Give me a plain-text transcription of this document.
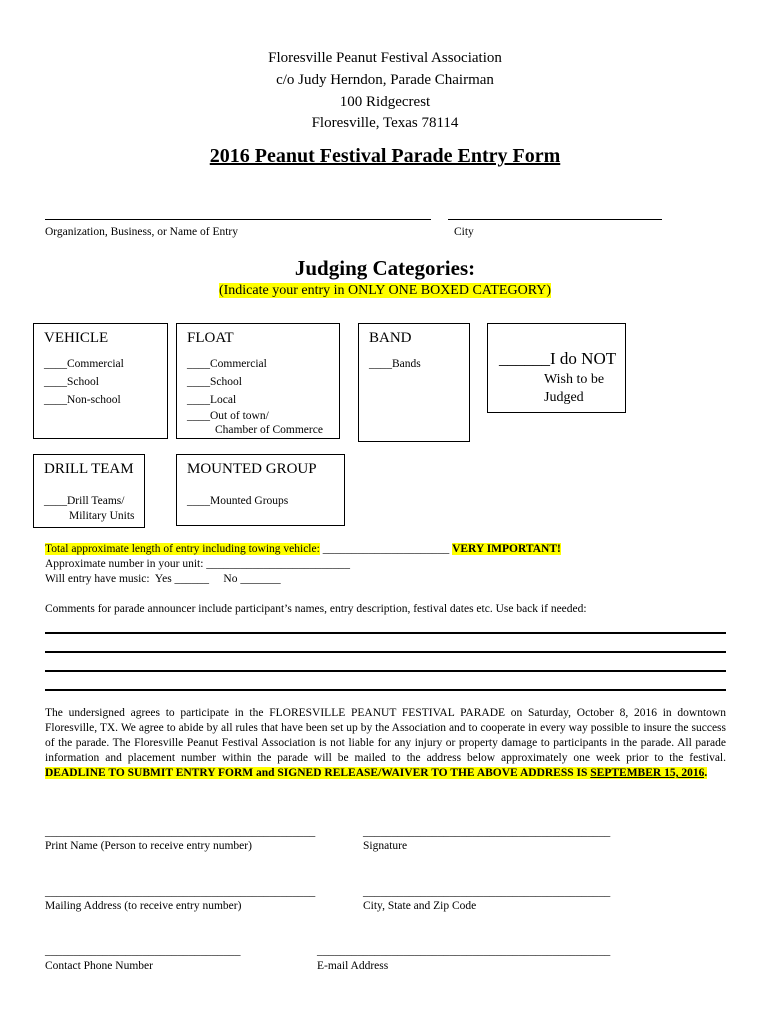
Floresville Peanut Festival Association
c/o Judy Herndon, Parade Chairman
100 Ridgecrest
Floresville, Texas 78114
2016 Peanut Festival Parade Entry Form
Organization, Business, or Name of Entry	City
Judging Categories:
(Indicate your entry in ONLY ONE BOXED CATEGORY)
VEHICLE
____Commercial
____School
____Non-school
FLOAT
____Commercial
____School
____Local
____Out of town/
Chamber of Commerce
BAND
____Bands	______I do NOT
Wish to be
Judged
DRILL TEAM
____Drill Teams/
Military Units
MOUNTED GROUP
____Mounted Groups
Total approximate length of entry including towing vehicle: ______________________ VERY IMPORTANT!
Approximate number in your unit: _________________________
Will entry have music:  Yes ______     No _______
Comments for parade announcer include participant’s names, entry description, festival dates etc. Use back if needed:
The undersigned agrees to participate in the FLORESVILLE PEANUT FESTIVAL PARADE on Saturday, October 8, 2016 in downtown Floresville, TX. We agree to abide by all rules that have been set up by the Association and to cooperate in every way possible to insure the success of the parade. The Floresville Peanut Festival Association is not liable for any injury or property damage to participants in the parade. All parade information and placement number within the parade will be mailed to the address below approximately one week prior to the festival. DEADLINE TO SUBMIT ENTRY FORM and SIGNED RELEASE/WAIVER TO THE ABOVE ADDRESS IS SEPTEMBER 15, 2016.
_______________________________________________	___________________________________________
Print Name (Person to receive entry number)	Signature
_______________________________________________	___________________________________________
Mailing Address (to receive entry number)	City, State and Zip Code
__________________________________	___________________________________________________
Contact Phone Number	E-mail Address
